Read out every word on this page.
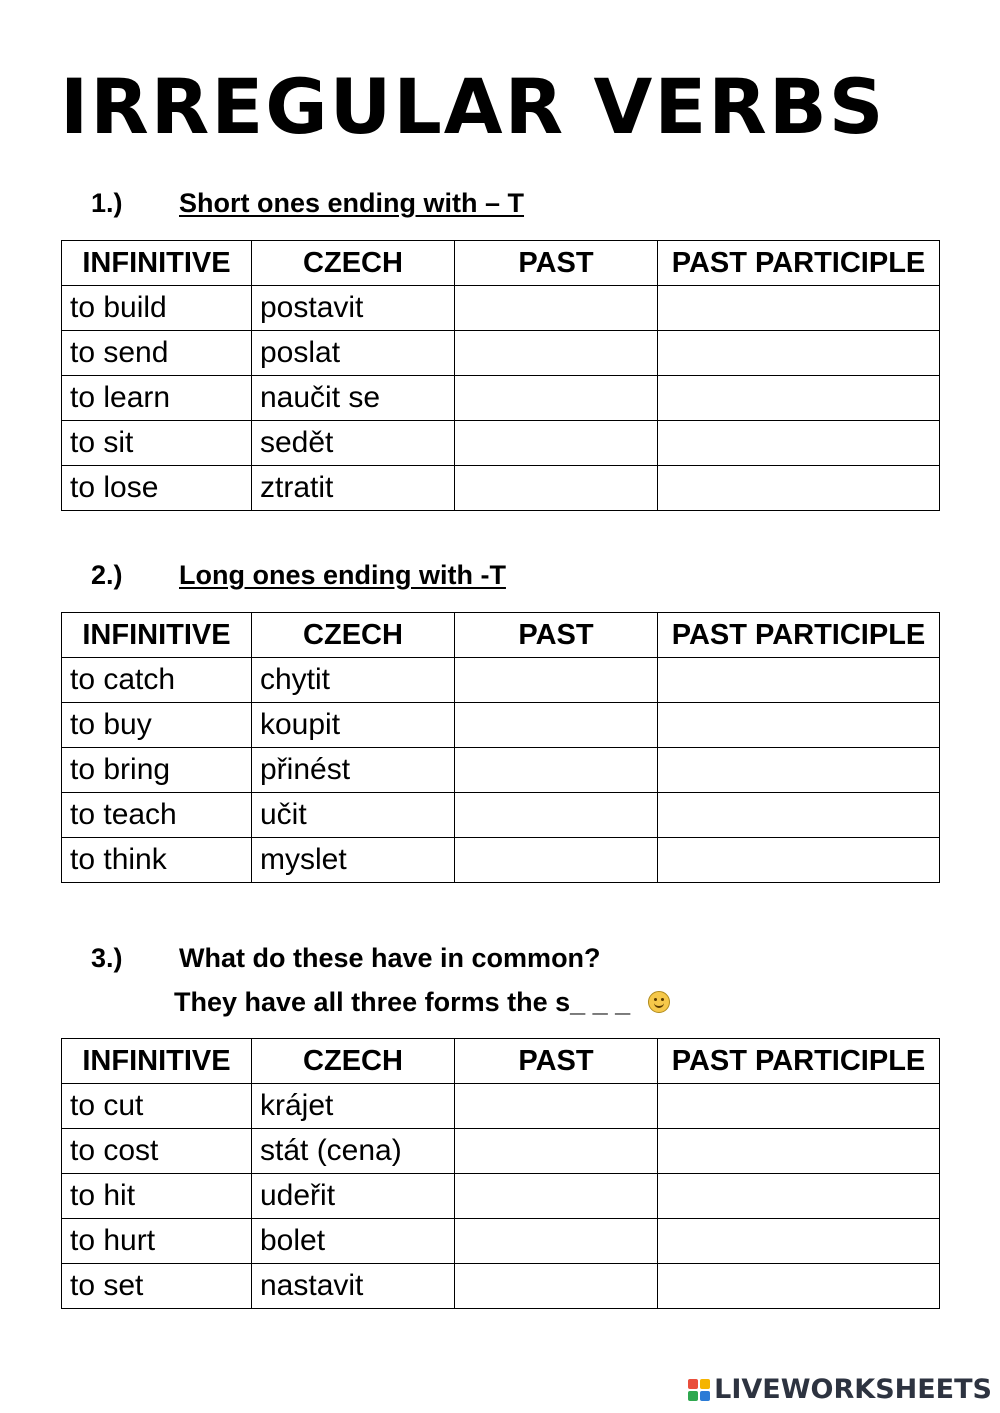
IRREGULAR VERBS
1.) Short ones ending with – T
INFINITIVE	CZECH	PAST	PAST PARTICIPLE
to build	postavit		
to send	poslat		
to learn	naučit se		
to sit	sedět		
to lose	ztratit		
2.) Long ones ending with -T
INFINITIVE	CZECH	PAST	PAST PARTICIPLE
to catch	chytit		
to buy	koupit		
to bring	přinést		
to teach	učit		
to think	myslet		
3.) What do these have in common?
They have all three forms the s_ _ _
INFINITIVE	CZECH	PAST	PAST PARTICIPLE
to cut	krájet		
to cost	stát (cena)		
to hit	udeřit		
to hurt	bolet		
to set	nastavit		
LIVEWORKSHEETS
